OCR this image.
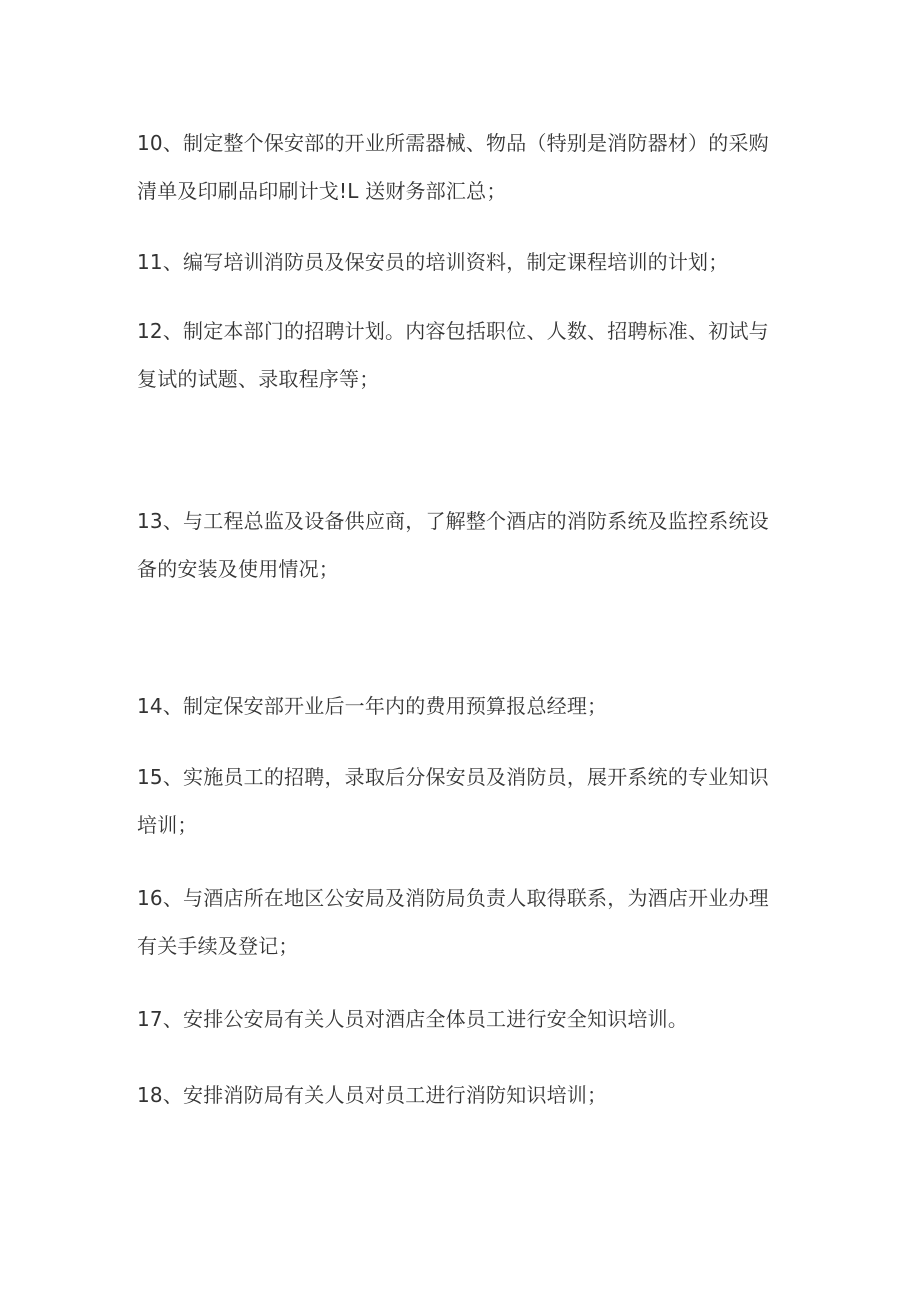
10、制定整个保安部的开业所需器械、物品（特别是消防器材）的采购清单及印刷品印刷计戈!L 送财务部汇总；

11、编写培训消防员及保安员的培训资料，制定课程培训的计划；

12、制定本部门的招聘计划。内容包括职位、人数、招聘标准、初试与复试的试题、录取程序等；

13、与工程总监及设备供应商，了解整个酒店的消防系统及监控系统设备的安装及使用情况；

14、制定保安部开业后一年内的费用预算报总经理；

15、实施员工的招聘，录取后分保安员及消防员，展开系统的专业知识培训；

16、与酒店所在地区公安局及消防局负责人取得联系，为酒店开业办理有关手续及登记；

17、安排公安局有关人员对酒店全体员工进行安全知识培训。

18、安排消防局有关人员对员工进行消防知识培训；
